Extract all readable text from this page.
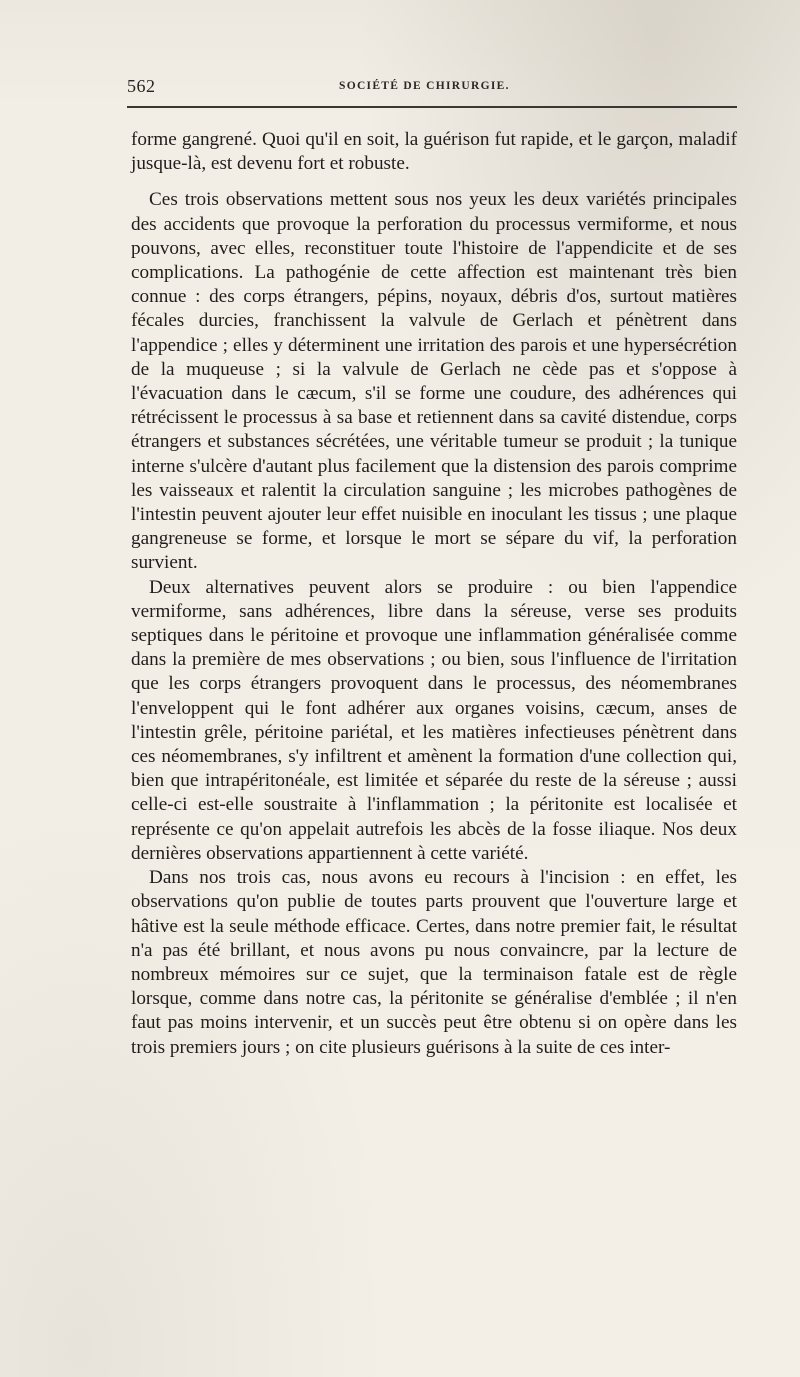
562	SOCIÉTÉ DE CHIRURGIE.

forme gangrené. Quoi qu'il en soit, la guérison fut rapide, et le garçon, maladif jusque-là, est devenu fort et robuste.

Ces trois observations mettent sous nos yeux les deux variétés principales des accidents que provoque la perforation du processus vermiforme, et nous pouvons, avec elles, reconstituer toute l'histoire de l'appendicite et de ses complications. La pathogénie de cette affection est maintenant très bien connue : des corps étrangers, pépins, noyaux, débris d'os, surtout matières fécales durcies, franchissent la valvule de Gerlach et pénètrent dans l'appendice ; elles y déterminent une irritation des parois et une hypersécrétion de la muqueuse ; si la valvule de Gerlach ne cède pas et s'oppose à l'évacuation dans le cæcum, s'il se forme une coudure, des adhérences qui rétrécissent le processus à sa base et retiennent dans sa cavité distendue, corps étrangers et substances sécrétées, une véritable tumeur se produit ; la tunique interne s'ulcère d'autant plus facilement que la distension des parois comprime les vaisseaux et ralentit la circulation sanguine ; les microbes pathogènes de l'intestin peuvent ajouter leur effet nuisible en inoculant les tissus ; une plaque gangreneuse se forme, et lorsque le mort se sépare du vif, la perforation survient.

Deux alternatives peuvent alors se produire : ou bien l'appendice vermiforme, sans adhérences, libre dans la séreuse, verse ses produits septiques dans le péritoine et provoque une inflammation généralisée comme dans la première de mes observations ; ou bien, sous l'influence de l'irritation que les corps étrangers provoquent dans le processus, des néomembranes l'enveloppent qui le font adhérer aux organes voisins, cæcum, anses de l'intestin grêle, péritoine pariétal, et les matières infectieuses pénètrent dans ces néomembranes, s'y infiltrent et amènent la formation d'une collection qui, bien que intrapéritonéale, est limitée et séparée du reste de la séreuse ; aussi celle-ci est-elle soustraite à l'inflammation ; la péritonite est localisée et représente ce qu'on appelait autrefois les abcès de la fosse iliaque. Nos deux dernières observations appartiennent à cette variété.

Dans nos trois cas, nous avons eu recours à l'incision : en effet, les observations qu'on publie de toutes parts prouvent que l'ouverture large et hâtive est la seule méthode efficace. Certes, dans notre premier fait, le résultat n'a pas été brillant, et nous avons pu nous convaincre, par la lecture de nombreux mémoires sur ce sujet, que la terminaison fatale est de règle lorsque, comme dans notre cas, la péritonite se généralise d'emblée ; il n'en faut pas moins intervenir, et un succès peut être obtenu si on opère dans les trois premiers jours ; on cite plusieurs guérisons à la suite de ces inter-
